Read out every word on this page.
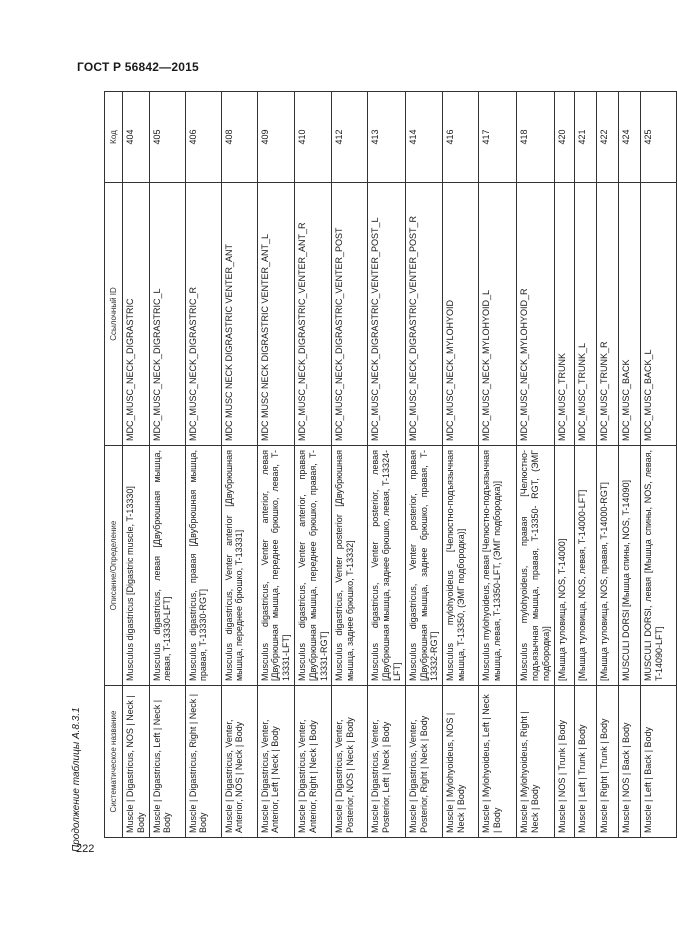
ГОСТ Р 56842—2015
Продолжение таблицы А.8.3.1
222
Систематическое название	Описание/Определение	Ссылочный ID	Код
Muscle | Digastricus, NOS | Neck | Body	Musculus digastricus [Digastric muscle, T-13330]	MDC_MUSC_NECK_DIGRASTRIC	404
Muscle | Digastricus, Left | Neck | Body	Musculus digastricus, левая [Двубрюшная мышца, левая, T-13330-LFT]	MDC_MUSC_NECK_DIGRASTRIC_L	405
Muscle | Digastricus, Right | Neck | Body	Musculus digastricus, правая [Двубрюшная мышца, правая, T-13330-RGT]	MDC_MUSC_NECK_DIGRASTRIC_R	406
Muscle | Digastricus, Venter, Anterior, NOS | Neck | Body	Musculus digastricus, Venter anterior [Двубрюшная мышца, переднее брюшко, T-13331]	MDC MUSC NECK DIGRASTRIC VENTER_ANT	408
Muscle | Digastricus, Venter, Anterior, Left | Neck | Body	Musculus digastricus, Venter anterior, левая [Двубрюшная мышца, переднее брюшко, левая, T-13331-LFT]	MDC MUSC NECK DIGRASTRIC VENTER_ANT_L	409
Muscle | Digastricus, Venter, Anterior, Right | Neck | Body	Musculus digastricus, Venter anterior, правая [Двубрюшная мышца, переднее брюшко, правая, T-13331-RGT]	MDC_MUSC_NECK_DIGRASTRIC_VENTER_ANT_R	410
Muscle | Digastricus, Venter, Posterior, NOS | Neck | Body	Musculus digastricus, Venter posterior [Двубрюшная мышца, заднее брюшко, T-13332]	MDC_MUSC_NECK_DIGRASTRIC_VENTER_POST	412
Muscle | Digastricus, Venter, Posterior, Left | Neck | Body	Musculus digastricus, Venter posterior, левая [Двубрюшная мышца, заднее брюшко, левая, T-13324-LFT]	MDC_MUSC_NECK_DIGRASTRIC_VENTER_POST_L	413
Muscle | Digastricus, Venter, Posterior, Right | Neck | Body	Musculus digastricus, Venter posterior, правая [Двубрюшная мышца, заднее брюшко, правая, T-13332-RGT]	MDC_MUSC_NECK_DIGRASTRIC_VENTER_POST_R	414
Muscle | Mylohyoideus, NOS | Neck | Body	Musculus mylohyoideus [Челюстно-подъязычная мышца, T-13350, (ЭМГ подбородка)]	MDC_MUSC_NECK_MYLOHYOID	416
Muscle | Mylohyoideus, Left | Neck | Body	Musculus mylohyoideus, левая [Челюстно-подъязычная мышца, левая, T-13350-LFT, (ЭМГ подбородка)]	MDC_MUSC_NECK_MYLOHYOID_L	417
Muscle | Mylohyoideus, Right | Neck | Body	Musculus mylohyoideus, правая [Челюстно-подъязычная мышца, правая, T-13350- RGT, (ЭМГ подбородка)]	MDC_MUSC_NECK_MYLOHYOID_R	418
Muscle | NOS | Trunk | Body	[Мышца туловища, NOS, T-14000]	MDC_MUSC_TRUNK	420
Muscle | Left | Trunk | Body	[Мышца туловища, NOS, левая, T-14000-LFT]	MDC_MUSC_TRUNK_L	421
Muscle | Right | Trunk | Body	[Мышца туловища, NOS, правая, T-14000-RGT]	MDC_MUSC_TRUNK_R	422
Muscle | NOS | Back | Body	MUSCULI DORSI [Мышца спины, NOS, T-14090]	MDC_MUSC_BACK	424
Muscle | Left | Back | Body	MUSCULI DORSI, левая [Мышца спины, NOS, левая, T-14090-LFT]	MDC_MUSC_BACK_L	425
